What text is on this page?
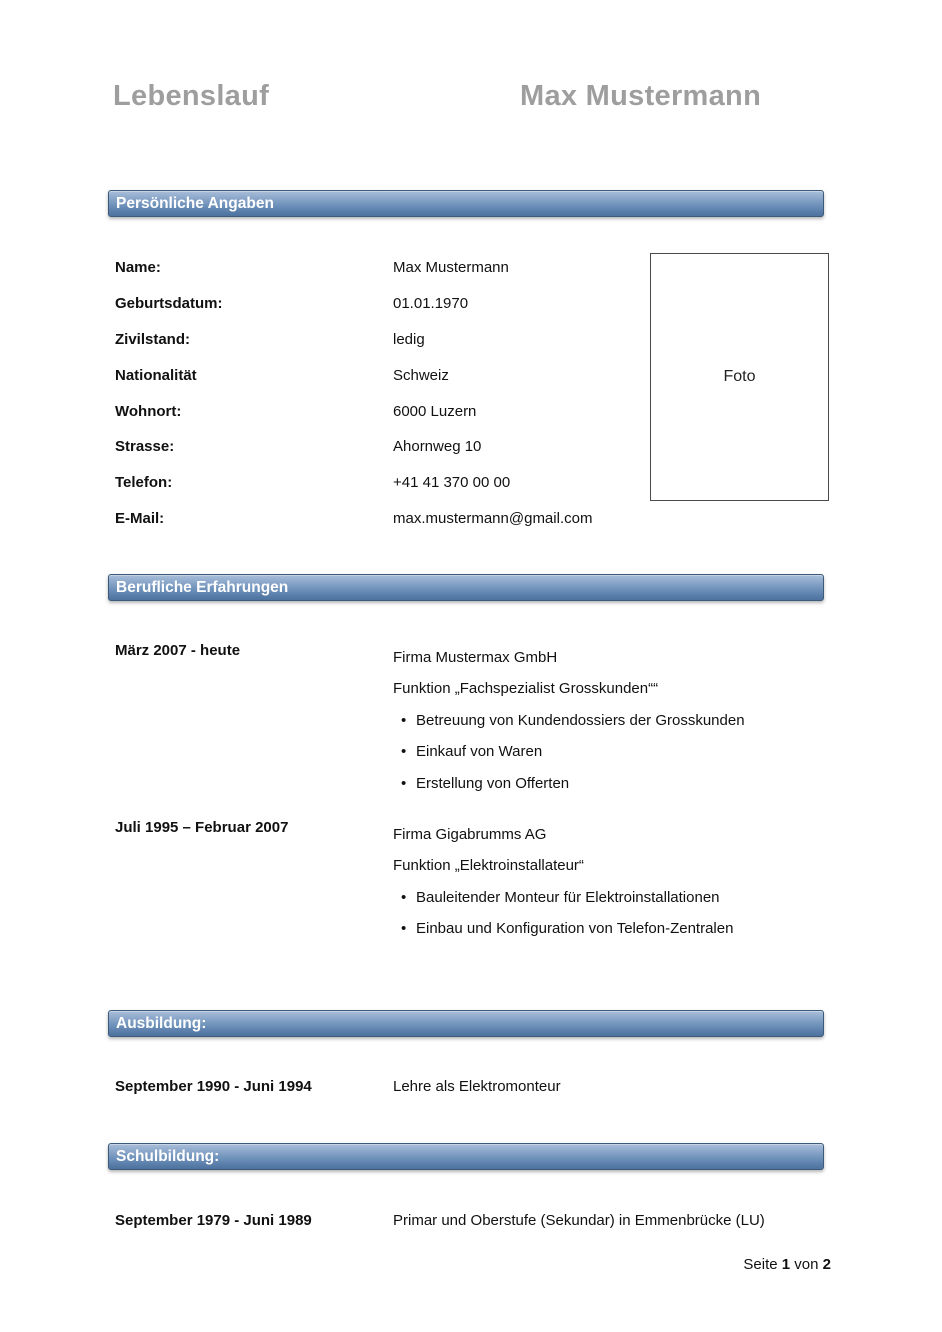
Lebenslauf	Max Mustermann
Persönliche Angaben
Name:	Max Mustermann
Geburtsdatum:	01.01.1970
Zivilstand:	ledig
Nationalität	Schweiz
Wohnort:	6000 Luzern
Strasse:	Ahornweg 10
Telefon:	+41 41 370 00 00
E-Mail:	max.mustermann@gmail.com
Foto
Berufliche Erfahrungen
März 2007 - heute	Firma Mustermax GmbH
Funktion „Fachspezialist Grosskunden““
• Betreuung von Kundendossiers der Grosskunden
• Einkauf von Waren
• Erstellung von Offerten
Juli 1995 – Februar 2007	Firma Gigabrumms AG
Funktion „Elektroinstallateur“
• Bauleitender Monteur für Elektroinstallationen
• Einbau und Konfiguration von Telefon-Zentralen
Ausbildung:
September 1990 - Juni 1994	Lehre als Elektromonteur
Schulbildung:
September 1979 - Juni 1989	Primar und Oberstufe (Sekundar) in Emmenbrücke (LU)
Seite 1 von 2
